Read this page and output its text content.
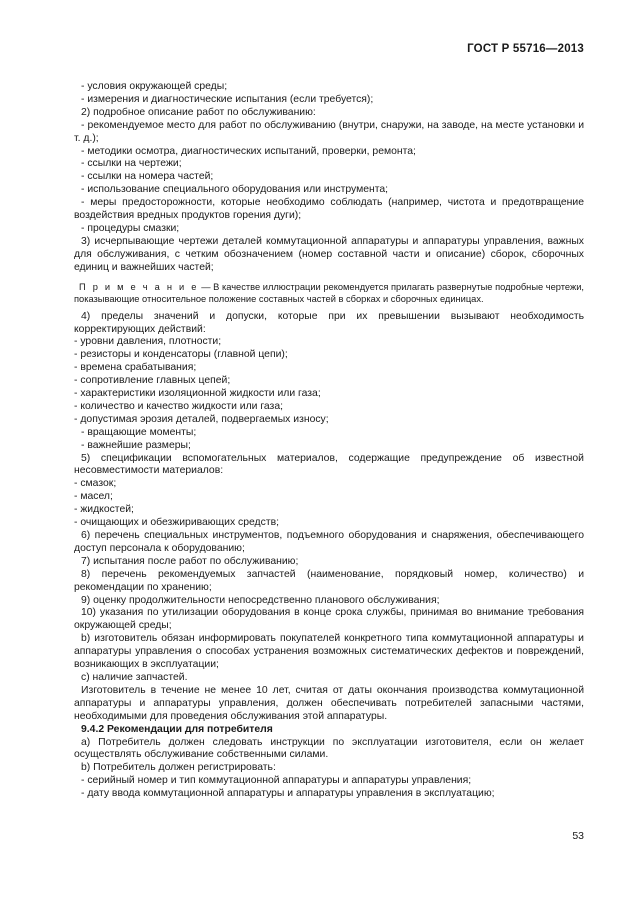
ГОСТ Р 55716—2013

- условия окружающей среды;

- измерения и диагностические испытания (если требуется);

2) подробное описание работ по обслуживанию:

- рекомендуемое место для работ по обслуживанию (внутри, снаружи, на заводе, на месте установки и т. д.);

- методики осмотра, диагностических испытаний, проверки, ремонта;

- ссылки на чертежи;

- ссылки на номера частей;

- использование специального оборудования или инструмента;

- меры предосторожности, которые необходимо соблюдать (например, чистота и предотвращение воздействия вредных продуктов горения дуги);

- процедуры смазки;

3) исчерпывающие чертежи деталей коммутационной аппаратуры и аппаратуры управления, важных для обслуживания, с четким обозначением (номер составной части и описание) сборок, сборочных единиц и важнейших частей;

П р и м е ч а н и е — В качестве иллюстрации рекомендуется прилагать развернутые подробные чертежи, показывающие относительное положение составных частей в сборках и сборочных единицах.

4) пределы значений и допуски, которые при их превышении вызывают необходимость корректирующих действий:

- уровни давления, плотности;

- резисторы и конденсаторы (главной цепи);

- времена срабатывания;

- сопротивление главных цепей;

- характеристики изоляционной жидкости или газа;

- количество и качество жидкости или газа;

- допустимая эрозия деталей, подвергаемых износу;

- вращающие моменты;

- важнейшие размеры;

5) спецификации вспомогательных материалов, содержащие предупреждение об известной несовместимости материалов:

- смазок;

- масел;

- жидкостей;

- очищающих и обезжиривающих средств;

6) перечень специальных инструментов, подъемного оборудования и снаряжения, обеспечивающего доступ персонала к оборудованию;

7) испытания после работ по обслуживанию;

8) перечень рекомендуемых запчастей (наименование, порядковый номер, количество) и рекомендации по хранению;

9) оценку продолжительности непосредственно планового обслуживания;

10) указания по утилизации оборудования в конце срока службы, принимая во внимание требования окружающей среды;

b) изготовитель обязан информировать покупателей конкретного типа коммутационной аппаратуры и аппаратуры управления о способах устранения возможных систематических дефектов и повреждений, возникающих в эксплуатации;

c) наличие запчастей.

Изготовитель в течение не менее 10 лет, считая от даты окончания производства коммутационной аппаратуры и аппаратуры управления, должен обеспечивать потребителей запасными частями, необходимыми для проведения обслуживания этой аппаратуры.

9.4.2 Рекомендации для потребителя

a) Потребитель должен следовать инструкции по эксплуатации изготовителя, если он желает осуществлять обслуживание собственными силами.

b) Потребитель должен регистрировать:

- серийный номер и тип коммутационной аппаратуры и аппаратуры управления;

- дату ввода коммутационной аппаратуры и аппаратуры управления в эксплуатацию;

53
